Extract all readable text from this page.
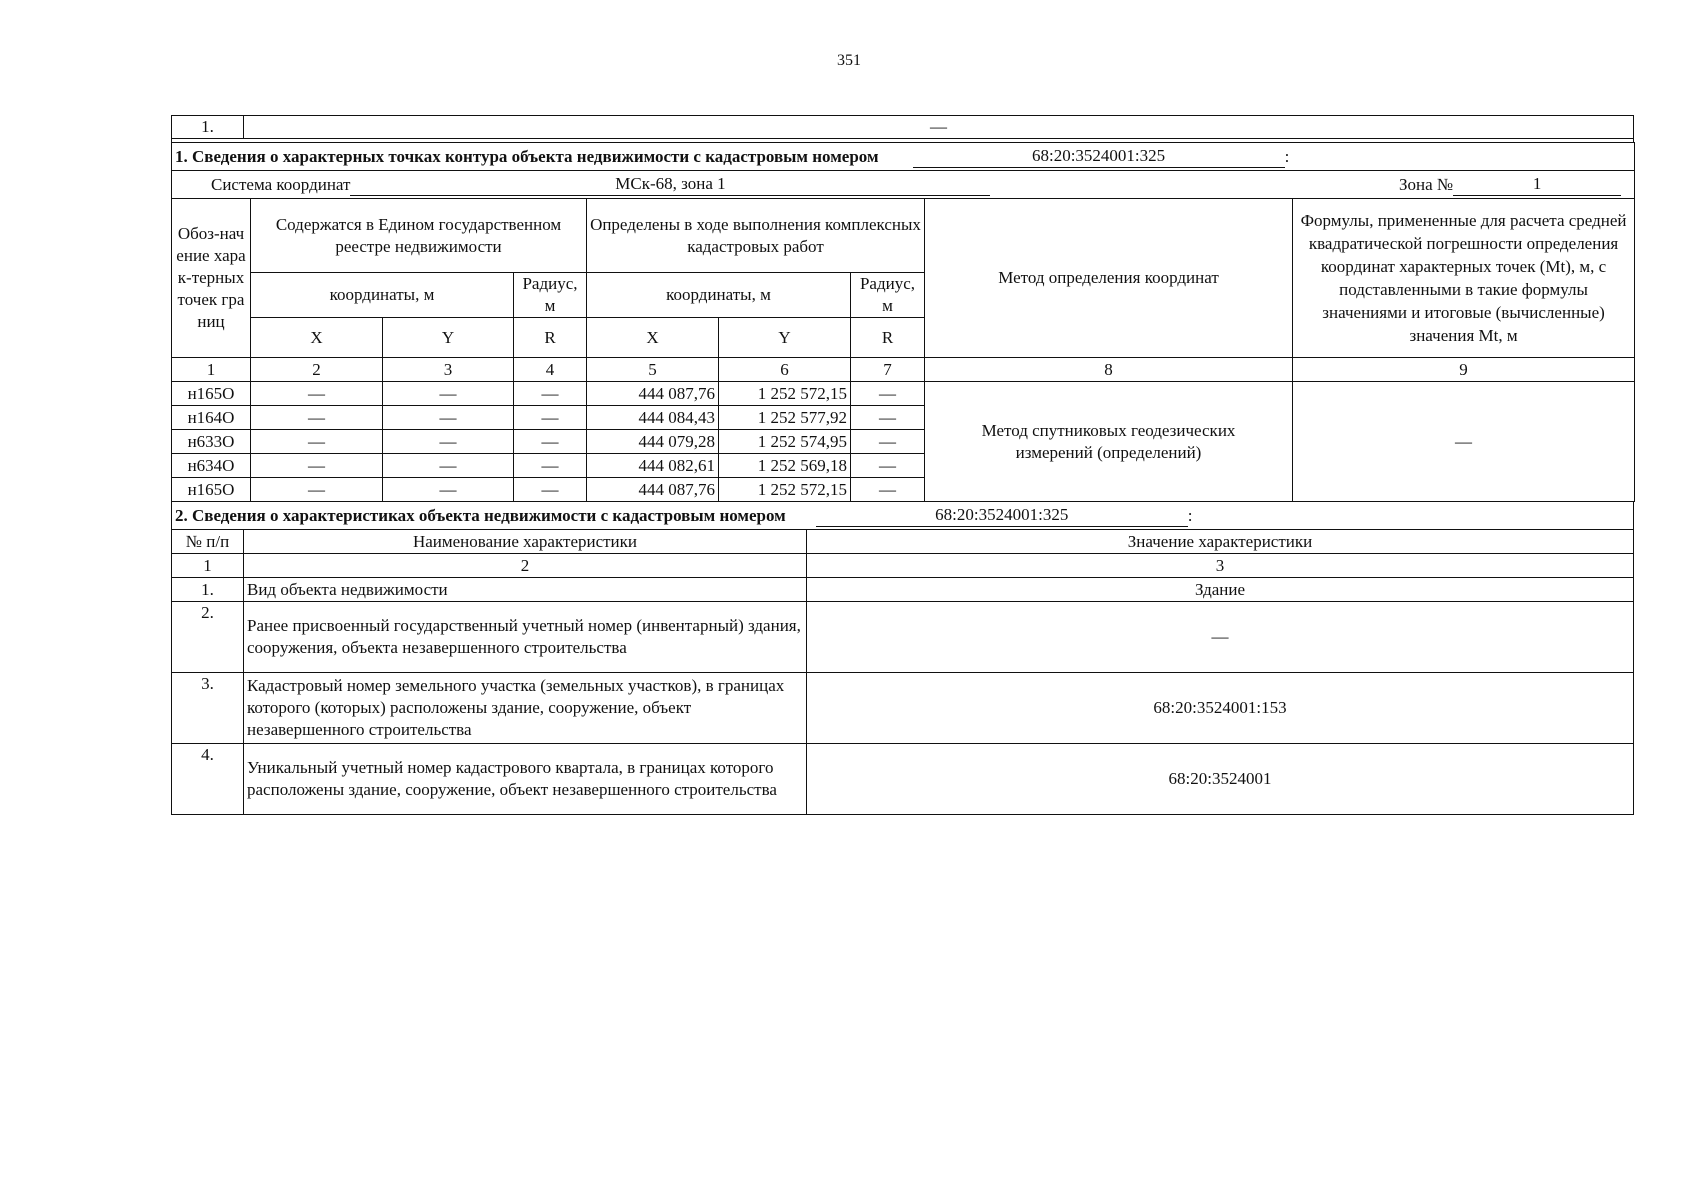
351
1.	—

1. Сведения о характерных точках контура объекта недвижимости с кадастровым номером 68:20:3524001:325 :								

Система координат МСк-68, зона 1 Зона № 1								

Обоз-начение харак-терных точек границ	Содержатся в Едином государственном реестре недвижимости			Определены в ходе выполнения комплексных кадастровых работ			Метод определения координат	Формулы, примененные для расчета средней квадратической погрешности определения координат характерных точек (Mt), м, с подставленными в такие формулы значениями и итоговые (вычисленные) значения Mt, м
	координаты, м		Радиус, м	координаты, м		Радиус, м		
	X	Y	R	X	Y	R		
1	2	3	4	5	6	7	8	9
н165О	—	—	—	444 087,76	1 252 572,15	—	Метод спутниковых геодезических измерений (определений)	—
н164О	—	—	—	444 084,43	1 252 577,92	—		
н633О	—	—	—	444 079,28	1 252 574,95	—		
н634О	—	—	—	444 082,61	1 252 569,18	—		
н165О	—	—	—	444 087,76	1 252 572,15	—		
2. Сведения о характеристиках объекта недвижимости с кадастровым номером 68:20:3524001:325 :		

№ п/п	Наименование характеристики	Значение характеристики
1	2	3
1.	Вид объекта недвижимости	Здание
2.	Ранее присвоенный государственный учетный номер (инвентарный) здания, сооружения, объекта незавершенного строительства	—
3.	Кадастровый номер земельного участка (земельных участков), в границах которого (которых) расположены здание, сооружение, объект незавершенного строительства	68:20:3524001:153
4.	Уникальный учетный номер кадастрового квартала, в границах которого расположены здание, сооружение, объект незавершенного строительства	68:20:3524001
